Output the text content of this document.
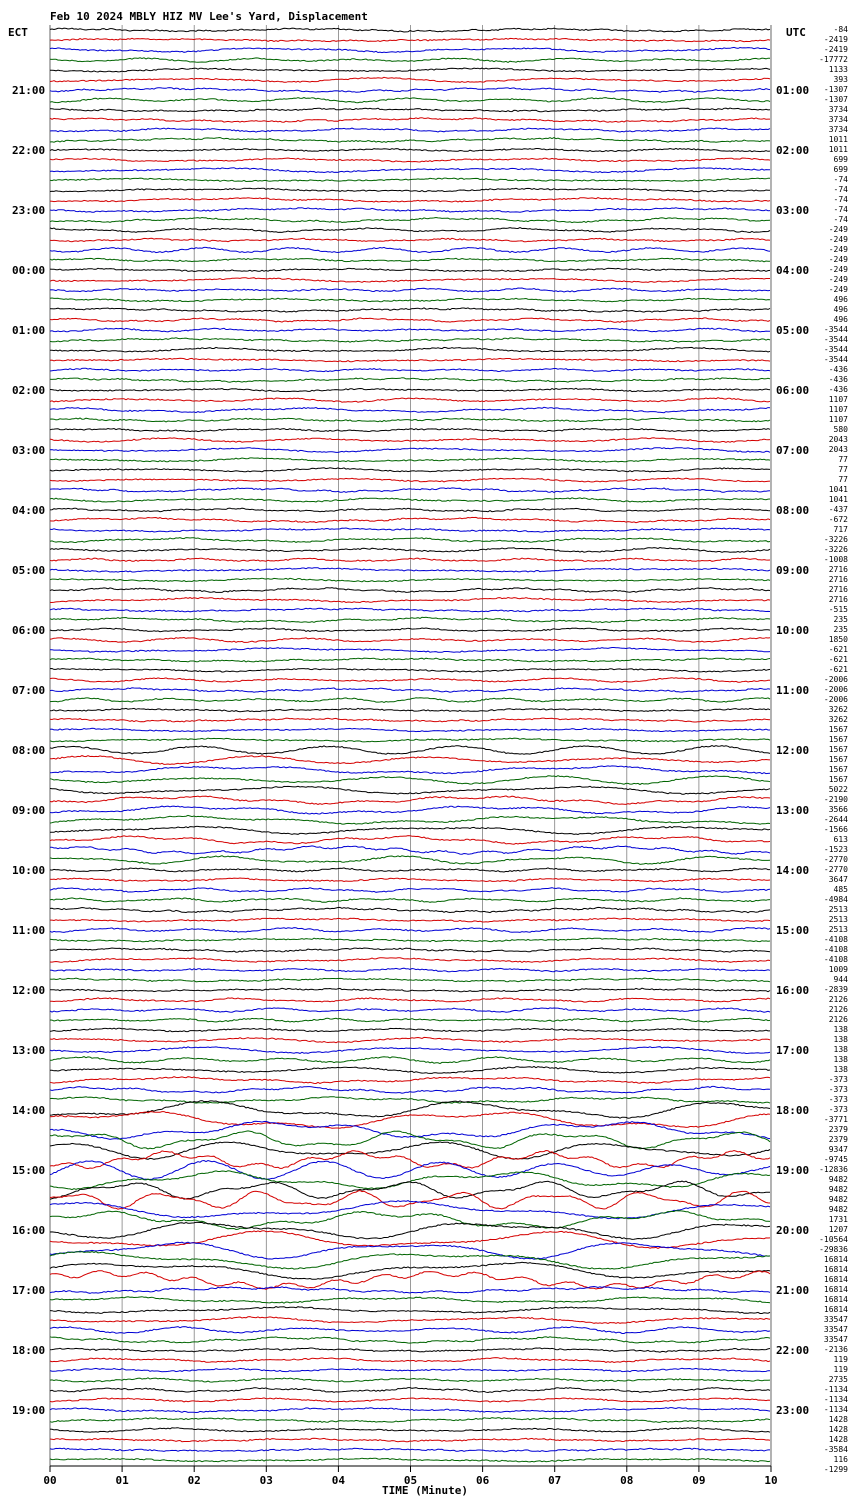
Feb 10 2024 MBLY HIZ MV Lee's Yard, Displacement
ECT	UTC
21:00
22:00
23:00
00:00
01:00
02:00
03:00
04:00
05:00
06:00
07:00
08:00
09:00
10:00
11:00
12:00
13:00
14:00
15:00
16:00
17:00
18:00
19:00
01:00
02:00
03:00
04:00
05:00
06:00
07:00
08:00
09:00
10:00
11:00
12:00
13:00
14:00
15:00
16:00
17:00
18:00
19:00
20:00
21:00
22:00
23:00
-84
-2419
-2419
-17772
1133
393
-1307
-1307
3734
3734
3734
1011
1011
699
699
-74
-74
-74
-74
-74
-249
-249
-249
-249
-249
-249
-249
496
496
496
-3544
-3544
-3544
-3544
-436
-436
-436
1107
1107
1107
580
2043
2043
77
77
77
1041
1041
-437
-672
717
-3226
-3226
-1008
2716
2716
2716
2716
-515
235
235
1850
-621
-621
-621
-2006
-2006
-2006
3262
3262
1567
1567
1567
1567
1567
1567
5022
-2190
3566
-2644
-1566
613
-1523
-2770
-2770
3647
485
-4984
2513
2513
2513
-4108
-4108
-4108
1009
944
-2839
2126
2126
2126
138
138
138
138
138
-373
-373
-373
-373
-3771
2379
2379
9347
-9745
-12836
9482
9482
9482
9482
1731
1207
-10564
-29836
16814
16814
16814
16814
16814
16814
33547
33547
33547
-2136
119
119
2735
-1134
-1134
-1134
1428
1428
1428
-3584
116
-1299
00	01	02	03	04	05	06	07	08	09	10
TIME (Minute)
